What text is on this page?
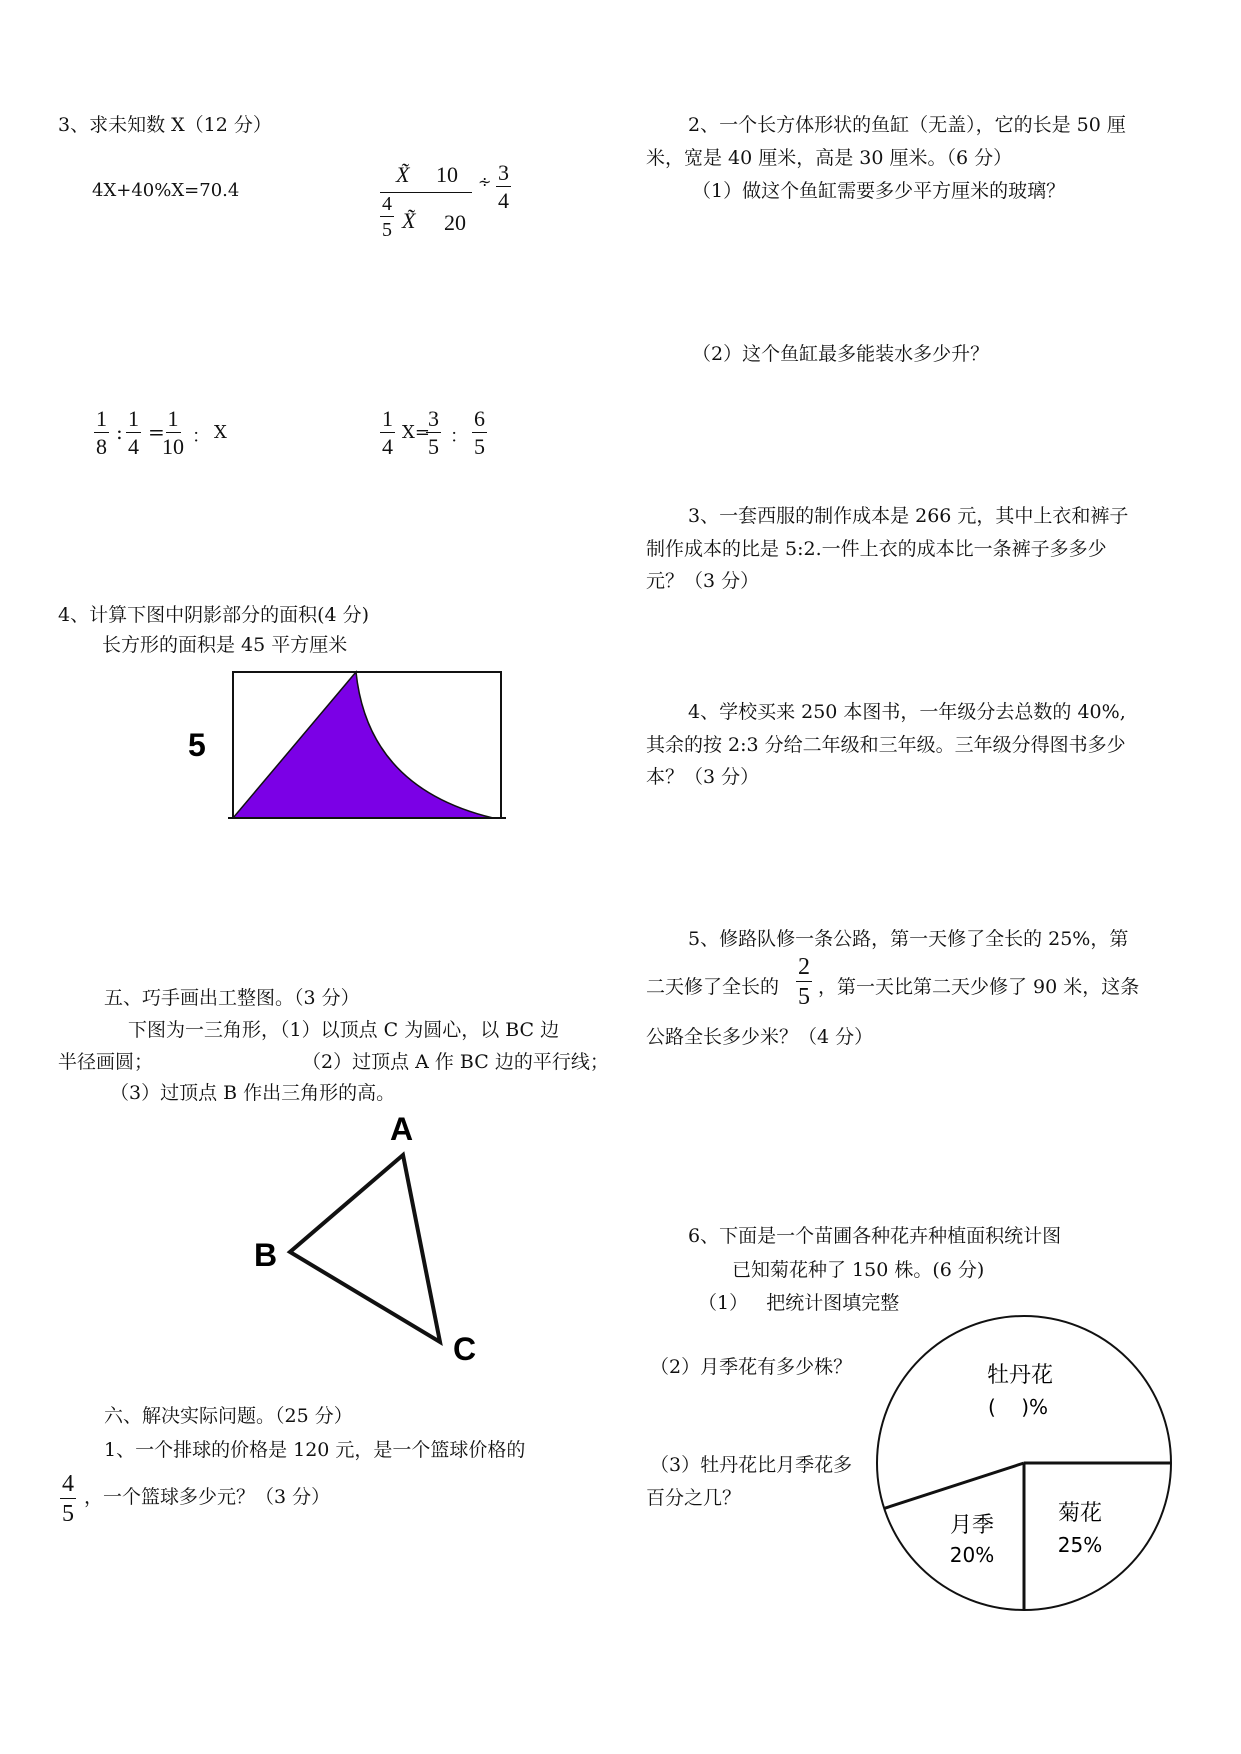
3、求未知数 X（12 分）
4X+40%X=70.4
X̃ 10
$\frac{4}{5}$ X̃ 20
∻ $\frac{3}{4}$
$\frac{1}{8}$ : $\frac{1}{4}$ =
$\frac{1}{10}$ ： X	$\frac{1}{4} X=$
$\frac{3}{5}$ ： $\frac{6}{5}$
4、计算下图中阴影部分的面积(4 分)
长方形的面积是 45 平方厘米
5
五、巧手画出工整图。（3 分）
下图为一三角形，（1）以顶点 C 为圆心，以 BC 边
半径画圆；	（2）过顶点 A 作 BC 边的平行线；
（3）过顶点 B 作出三角形的高。
A
B
C
六、解决实际问题。（25 分）
1、一个排球的价格是 120 元，是一个篮球价格的
$\frac{4}{5}$ ，一个篮球多少元？（3 分）
2、一个长方体形状的鱼缸（无盖），它的长是 50 厘
米，宽是 40 厘米，高是 30 厘米。（6 分）
（1）做这个鱼缸需要多少平方厘米的玻璃？
（2）这个鱼缸最多能装水多少升？
3、一套西服的制作成本是 266 元，其中上衣和裤子
制作成本的比是 5:2.一件上衣的成本比一条裤子多多少
元？（3 分）
4、学校买来 250 本图书，一年级分去总数的 40%,
其余的按 2:3 分给二年级和三年级。三年级分得图书多少
本？（3 分）
5、修路队修一条公路，第一天修了全长的 25%，第
二天修了全长的 $\frac{2}{5}$ ，第一天比第二天少修了 90 米，这条
公路全长多少米？（4 分）
6、下面是一个苗圃各种花卉种植面积统计图
已知菊花种了 150 株。(6 分)
（1）   把统计图填完整
（2）月季花有多少株？
（3）牡丹花比月季花多
百分之几？
牡丹花
(    )%
菊花
25%
月季
20%
